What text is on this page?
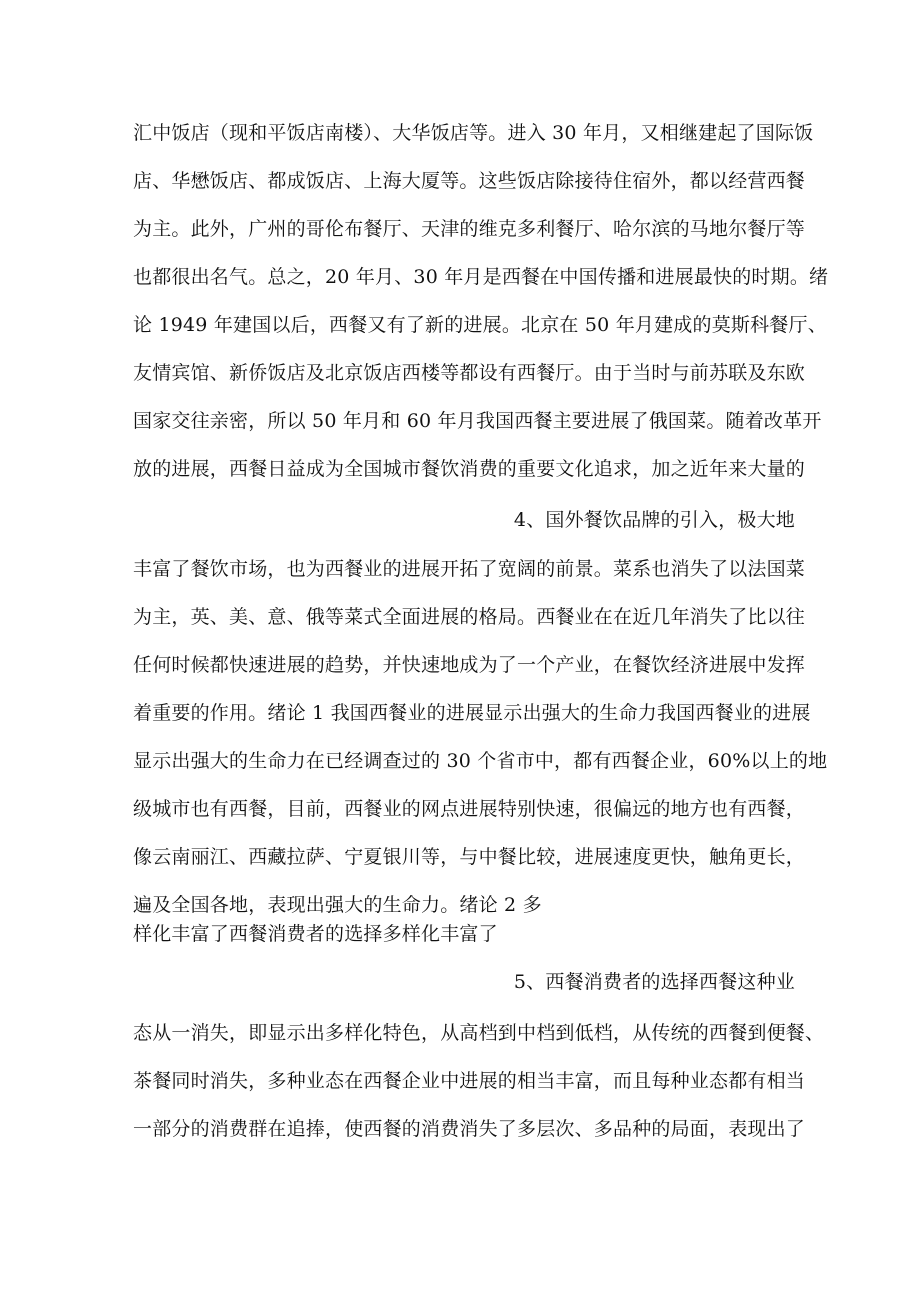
汇中饭店（现和平饭店南楼）、大华饭店等。进入 30 年月，又相继建起了国际饭
店、华懋饭店、都成饭店、上海大厦等。这些饭店除接待住宿外，都以经营西餐
为主。此外，广州的哥伦布餐厅、天津的维克多利餐厅、哈尔滨的马地尔餐厅等
也都很出名气。总之，20 年月、30 年月是西餐在中国传播和进展最快的时期。绪
论 1949 年建国以后，西餐又有了新的进展。北京在 50 年月建成的莫斯科餐厅、
友情宾馆、新侨饭店及北京饭店西楼等都设有西餐厅。由于当时与前苏联及东欧
国家交往亲密，所以 50 年月和 60 年月我国西餐主要进展了俄国菜。随着改革开
放的进展，西餐日益成为全国城市餐饮消费的重要文化追求，加之近年来大量的
4、国外餐饮品牌的引入，极大地
丰富了餐饮市场，也为西餐业的进展开拓了宽阔的前景。菜系也消失了以法国菜
为主，英、美、意、俄等菜式全面进展的格局。西餐业在在近几年消失了比以往
任何时候都快速进展的趋势，并快速地成为了一个产业，在餐饮经济进展中发挥
着重要的作用。绪论 1 我国西餐业的进展显示出强大的生命力我国西餐业的进展
显示出强大的生命力在已经调查过的 30 个省市中，都有西餐企业，60%以上的地
级城市也有西餐，目前，西餐业的网点进展特别快速，很偏远的地方也有西餐，
像云南丽江、西藏拉萨、宁夏银川等，与中餐比较，进展速度更快，触角更长，
遍及全国各地，表现出强大的生命力。绪论 2 多
样化丰富了西餐消费者的选择多样化丰富了
5、西餐消费者的选择西餐这种业
态从一消失，即显示出多样化特色，从高档到中档到低档，从传统的西餐到便餐、
茶餐同时消失，多种业态在西餐企业中进展的相当丰富，而且每种业态都有相当
一部分的消费群在追捧，使西餐的消费消失了多层次、多品种的局面，表现出了
